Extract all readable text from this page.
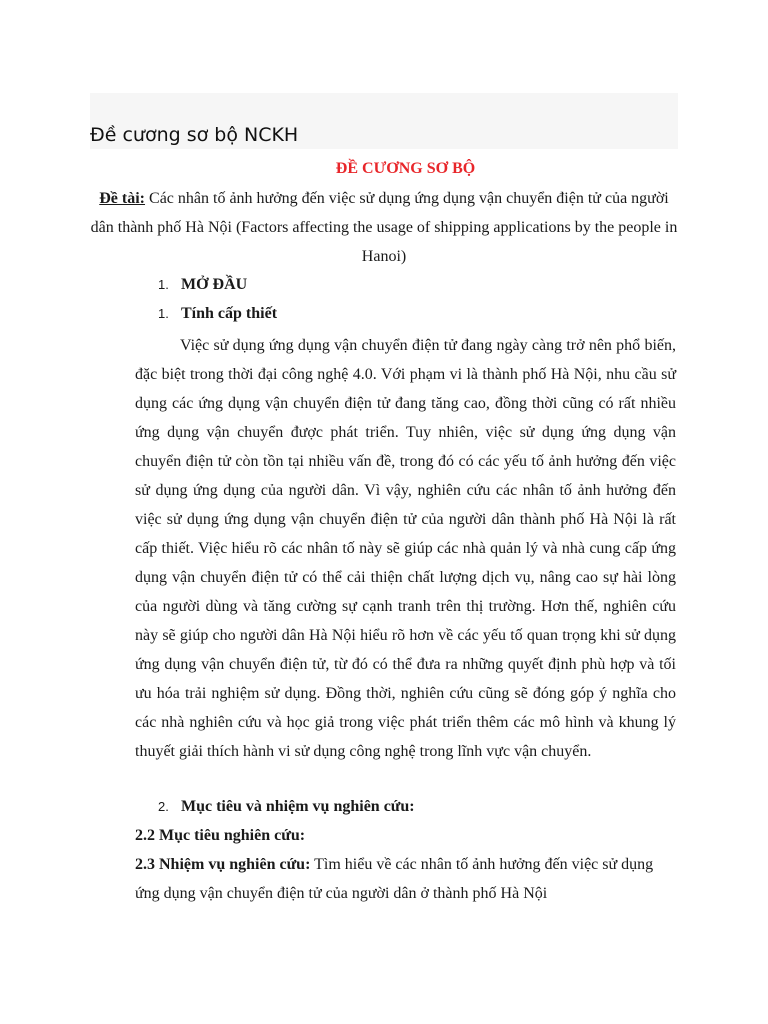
Đề cương sơ bộ NCKH
ĐỀ CƯƠNG SƠ BỘ
Đề tài: Các nhân tố ảnh hưởng đến việc sử dụng ứng dụng vận chuyển điện tử của người dân thành phố Hà Nội (Factors affecting the usage of shipping applications by the people in Hanoi)
1. MỞ ĐẦU
1. Tính cấp thiết

Việc sử dụng ứng dụng vận chuyển điện tử đang ngày càng trở nên phổ biến, đặc biệt trong thời đại công nghệ 4.0. Với phạm vi là thành phố Hà Nội, nhu cầu sử dụng các ứng dụng vận chuyển điện tử đang tăng cao, đồng thời cũng có rất nhiều ứng dụng vận chuyển được phát triển. Tuy nhiên, việc sử dụng ứng dụng vận chuyển điện tử còn tồn tại nhiều vấn đề, trong đó có các yếu tố ảnh hưởng đến việc sử dụng ứng dụng của người dân. Vì vậy, nghiên cứu các nhân tố ảnh hưởng đến việc sử dụng ứng dụng vận chuyển điện tử của người dân thành phố Hà Nội là rất cấp thiết. Việc hiểu rõ các nhân tố này sẽ giúp các nhà quản lý và nhà cung cấp ứng dụng vận chuyển điện tử có thể cải thiện chất lượng dịch vụ, nâng cao sự hài lòng của người dùng và tăng cường sự cạnh tranh trên thị trường. Hơn thế, nghiên cứu này sẽ giúp cho người dân Hà Nội hiểu rõ hơn về các yếu tố quan trọng khi sử dụng ứng dụng vận chuyển điện tử, từ đó có thể đưa ra những quyết định phù hợp và tối ưu hóa trải nghiệm sử dụng. Đồng thời, nghiên cứu cũng sẽ đóng góp ý nghĩa cho các nhà nghiên cứu và học giả trong việc phát triển thêm các mô hình và khung lý thuyết giải thích hành vi sử dụng công nghệ trong lĩnh vực vận chuyển.

2. Mục tiêu và nhiệm vụ nghiên cứu:
2.2 Mục tiêu nghiên cứu:
2.3 Nhiệm vụ nghiên cứu: Tìm hiểu về các nhân tố ảnh hưởng đến việc sử dụng ứng dụng vận chuyển điện tử của người dân ở thành phố Hà Nội
